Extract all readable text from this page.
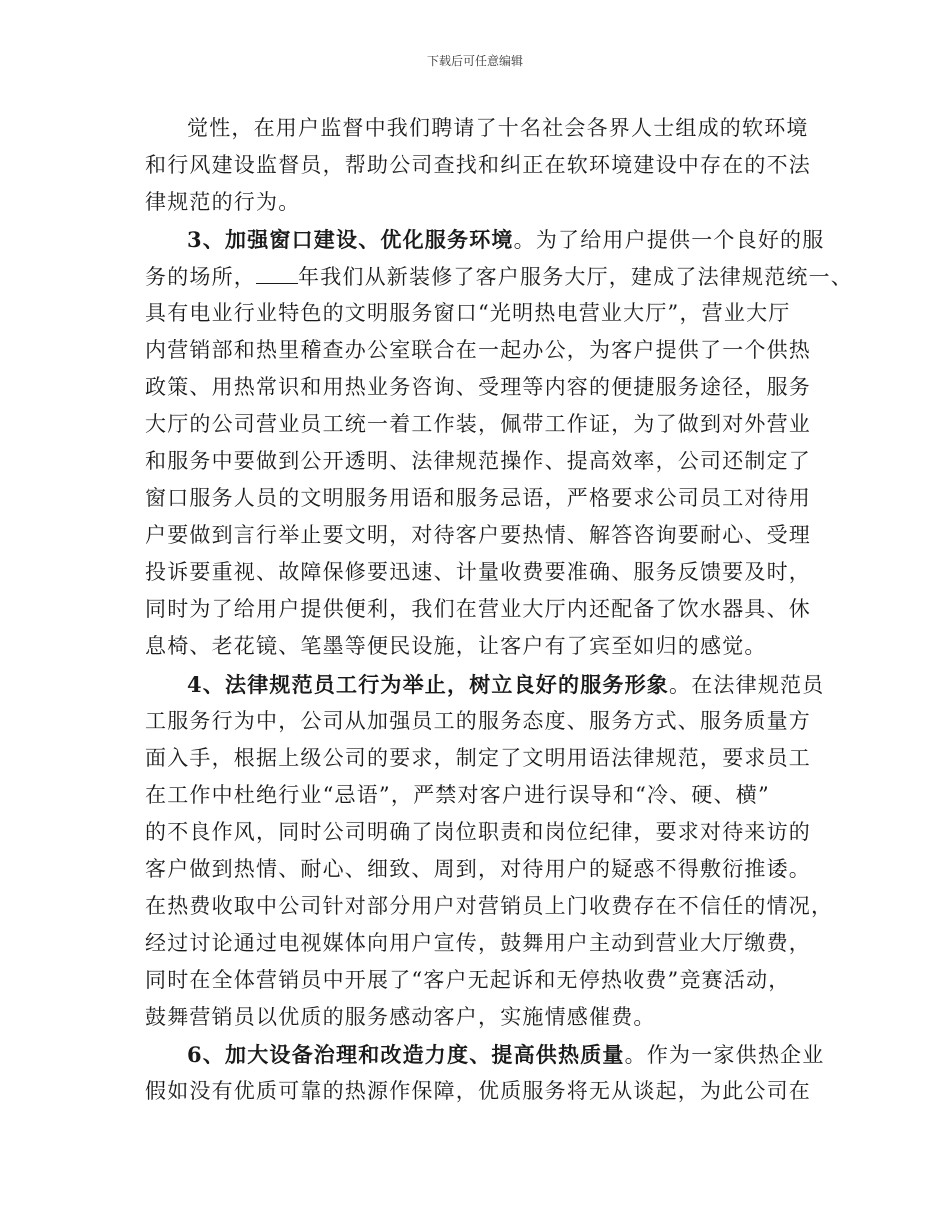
下载后可任意编辑
觉性，在用户监督中我们聘请了十名社会各界人士组成的软环境
和行风建设监督员，帮助公司查找和纠正在软环境建设中存在的不法
律规范的行为。
3、加强窗口建设、优化服务环境。为了给用户提供一个良好的服
务的场所， 年我们从新装修了客户服务大厅，建成了法律规范统一、
具有电业行业特色的文明服务窗口“光明热电营业大厅”，营业大厅
内营销部和热里稽查办公室联合在一起办公，为客户提供了一个供热
政策、用热常识和用热业务咨询、受理等内容的便捷服务途径，服务
大厅的公司营业员工统一着工作装，佩带工作证，为了做到对外营业
和服务中要做到公开透明、法律规范操作、提高效率，公司还制定了
窗口服务人员的文明服务用语和服务忌语，严格要求公司员工对待用
户要做到言行举止要文明，对待客户要热情、解答咨询要耐心、受理
投诉要重视、故障保修要迅速、计量收费要准确、服务反馈要及时，
同时为了给用户提供便利，我们在营业大厅内还配备了饮水器具、休
息椅、老花镜、笔墨等便民设施，让客户有了宾至如归的感觉。
4、法律规范员工行为举止，树立良好的服务形象。在法律规范员
工服务行为中，公司从加强员工的服务态度、服务方式、服务质量方
面入手，根据上级公司的要求，制定了文明用语法律规范，要求员工
在工作中杜绝行业“忌语”，严禁对客户进行误导和“冷、硬、横”
的不良作风，同时公司明确了岗位职责和岗位纪律，要求对待来访的
客户做到热情、耐心、细致、周到，对待用户的疑惑不得敷衍推诿。
在热费收取中公司针对部分用户对营销员上门收费存在不信任的情况，
经过讨论通过电视媒体向用户宣传，鼓舞用户主动到营业大厅缴费，
同时在全体营销员中开展了“客户无起诉和无停热收费”竞赛活动，
鼓舞营销员以优质的服务感动客户，实施情感催费。
6、加大设备治理和改造力度、提高供热质量。作为一家供热企业
假如没有优质可靠的热源作保障，优质服务将无从谈起，为此公司在
